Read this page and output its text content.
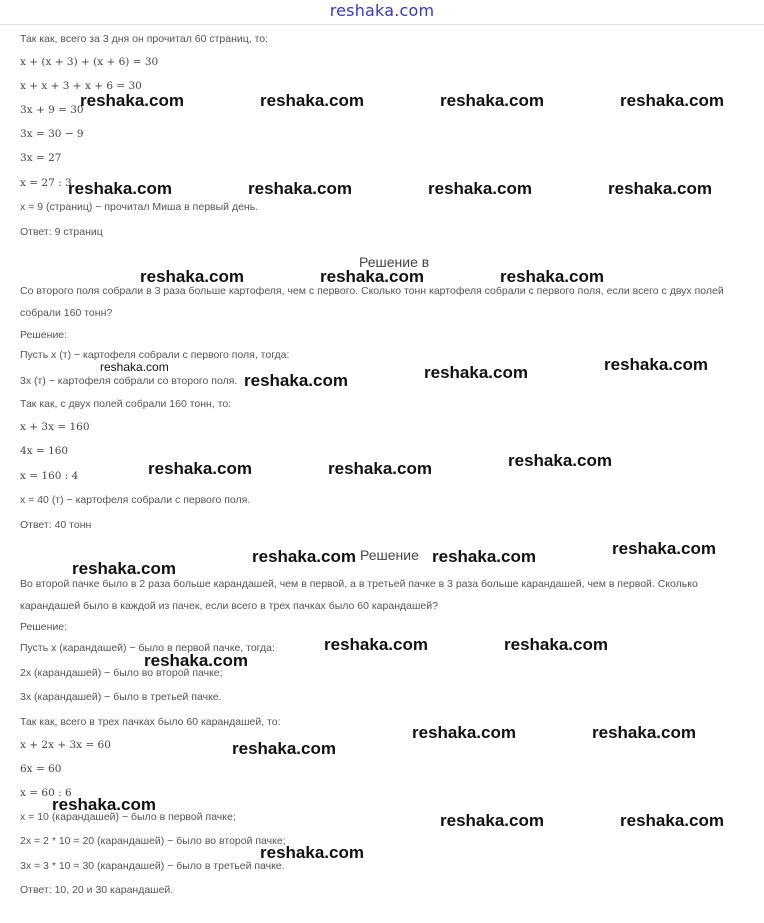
reshaka.com
Так как, всего за 3 дня он прочитал 60 страниц, то:
x + (x + 3) + (x + 6) = 30
x + x + 3 + x + 6 = 30
3x + 9 = 30
3x = 30 − 9
3x = 27
x = 27 : 3
x = 9 (страниц) − прочитал Миша в первый день.
Ответ: 9 страниц
Решение в
Со второго поля собрали в 3 раза больше картофеля, чем с первого. Сколько тонн картофеля собрали с первого поля, если всего с двух полей собрали 160 тонн?
Решение:
Пусть x (т) − картофеля собрали с первого поля, тогда:
3x (т) − картофеля собрали со второго поля.
Так как, с двух полей собрали 160 тонн, то:
x + 3x = 160
4x = 160
x = 160 : 4
x = 40 (т) − картофеля собрали с первого поля.
Ответ: 40 тонн
Решение
Во второй пачке было в 2 раза больше карандашей, чем в первой, а в третьей пачке в 3 раза больше карандашей, чем в первой. Сколько карандашей было в каждой из пачек, если всего в трех пачках было 60 карандашей?
Решение:
Пусть x (карандашей) − было в первой пачке, тогда:
2x (карандашей) − было во второй пачке;
3x (карандашей) − было в третьей пачке.
Так как, всего в трех пачках было 60 карандашей, то:
x + 2x + 3x = 60
6x = 60
x = 60 : 6
x = 10 (карандашей) − было в первой пачке;
2x = 2 * 10 = 20 (карандашей) − было во второй пачке;
3x = 3 * 10 = 30 (карандашей) − было в третьей пачке.
Ответ: 10, 20 и 30 карандашей.
reshaka.com	reshaka.com	reshaka.com	reshaka.com
reshaka.com	reshaka.com	reshaka.com	reshaka.com
reshaka.com	reshaka.com	reshaka.com
reshaka.com
reshaka.com	reshaka.com	reshaka.com
reshaka.com	reshaka.com	reshaka.com
reshaka.com
reshaka.com	reshaka.com	reshaka.com
reshaka.com	reshaka.com
reshaka.com
reshaka.com
reshaka.com	reshaka.com
reshaka.com
reshaka.com	reshaka.com
reshaka.com
